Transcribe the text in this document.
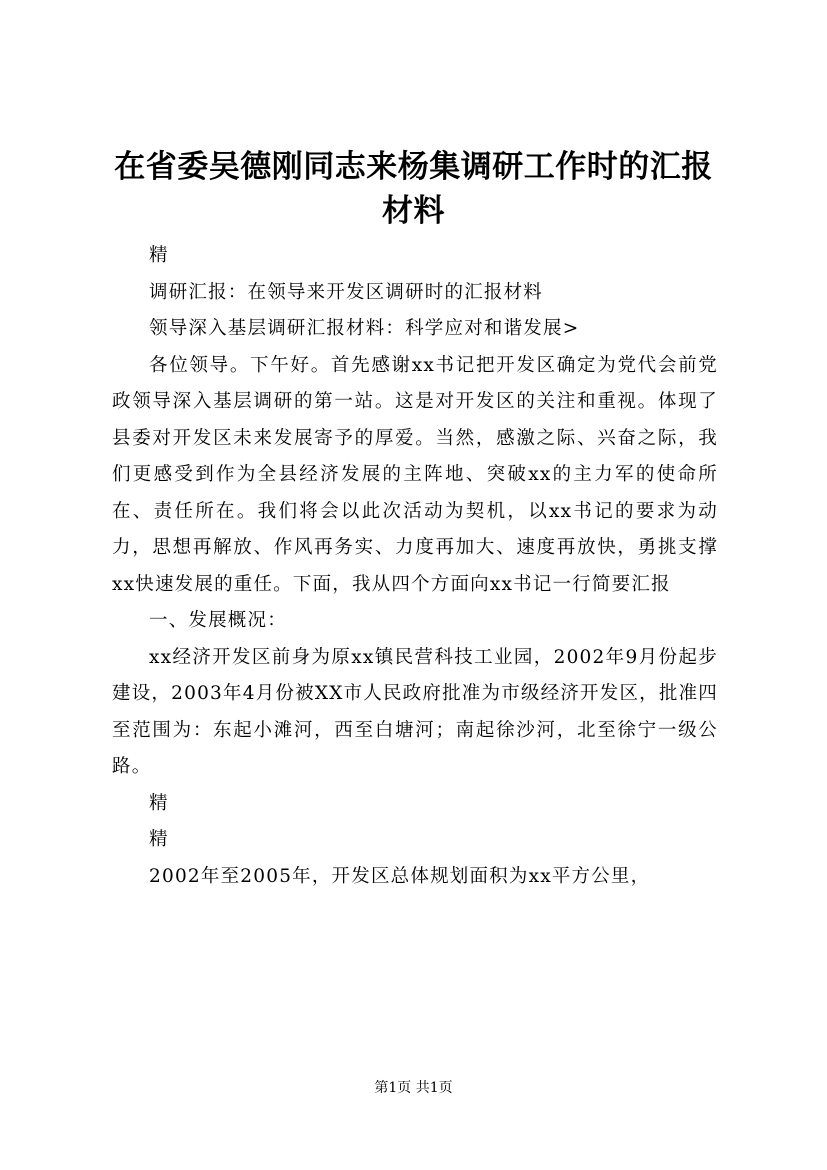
在省委吴德刚同志来杨集调研工作时的汇报材料

精

调研汇报：在领导来开发区调研时的汇报材料

领导深入基层调研汇报材料：科学应对和谐发展>

各位领导。下午好。首先感谢xx书记把开发区确定为党代会前党政领导深入基层调研的第一站。这是对开发区的关注和重视。体现了县委对开发区未来发展寄予的厚爱。当然，感激之际、兴奋之际，我们更感受到作为全县经济发展的主阵地、突破xx的主力军的使命所在、责任所在。我们将会以此次活动为契机，以xx书记的要求为动力，思想再解放、作风再务实、力度再加大、速度再放快，勇挑支撑xx快速发展的重任。下面，我从四个方面向xx书记一行简要汇报

一、发展概况：

xx经济开发区前身为原xx镇民营科技工业园，2002年9月份起步建设，2003年4月份被XX市人民政府批准为市级经济开发区，批准四至范围为：东起小滩河，西至白塘河；南起徐沙河，北至徐宁一级公路。

精

精

2002年至2005年，开发区总体规划面积为xx平方公里，

第1页 共1页
